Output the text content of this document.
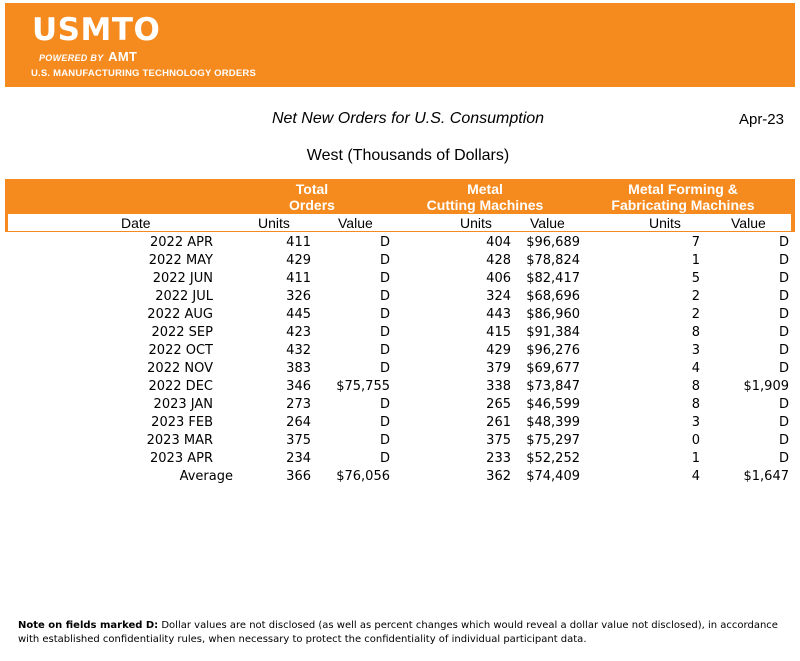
USMTO
POWERED BY AMT
U.S. MANUFACTURING TECHNOLOGY ORDERS
Net New Orders for U.S. Consumption	Apr-23
West (Thousands of Dollars)
Total
Orders
Metal
Cutting Machines
Metal Forming &
Fabricating Machines
Date	Units	Value	Units	Value	Units	Value
2022 APR	411	D	404 $96,689	7	D
2022 MAY	429	D	428 $78,824	1	D
2022 JUN	411	D	406 $82,417	5	D
2022 JUL	326	D	324 $68,696	2	D
2022 AUG	445	D	443 $86,960	2	D
2022 SEP	423	D	415 $91,384	8	D
2022 OCT	432	D	429 $96,276	3	D
2022 NOV	383	D	379 $69,677	4	D
2022 DEC	346 $75,755	338 $73,847	8	$1,909
2023 JAN	273	D	265 $46,599	8	D
2023 FEB	264	D	261 $48,399	3	D
2023 MAR	375	D	375 $75,297	0	D
2023 APR	234	D	233 $52,252	1	D
Average	366 $76,056	362 $74,409	4	$1,647
Note on fields marked D: Dollar values are not disclosed (as well as percent changes which would reveal a dollar value not disclosed), in accordance with established confidentiality rules, when necessary to protect the confidentiality of individual participant data.
